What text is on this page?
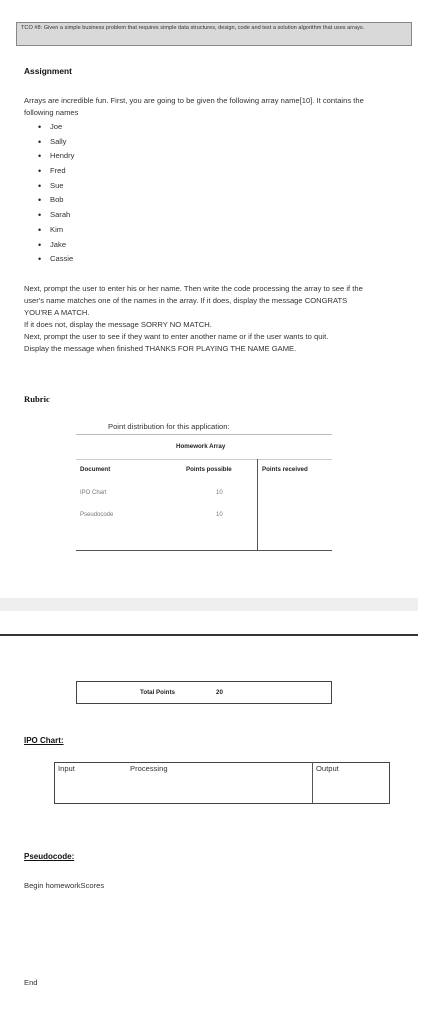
TCO #8: Given a simple business problem that requires simple data structures, design, code and test a solution algorithm that uses arrays.
Assignment
Arrays are incredible fun. First, you are going to be given the following array name[10]. It contains the
following names
• Joe
• Sally
• Hendry
• Fred
• Sue
• Bob
• Sarah
• Kim
• Jake
• Cassie
Next, prompt the user to enter his or her name. Then write the code processing the array to see if the
user's name matches one of the names in the array. If it does, display the message CONGRATS
YOU'RE A MATCH.
If it does not, display the message SORRY NO MATCH.
Next, prompt the user to see if they want to enter another name or if the user wants to quit.
Display the message when finished THANKS FOR PLAYING THE NAME GAME.
Rubric
Point distribution for this application:
Homework Array
Document	Points possible	Points received
IPO Chart	10
Pseudocode	10
Total Points	20
IPO Chart:
Input	Processing	Output
Pseudocode:
Begin homeworkScores
End
